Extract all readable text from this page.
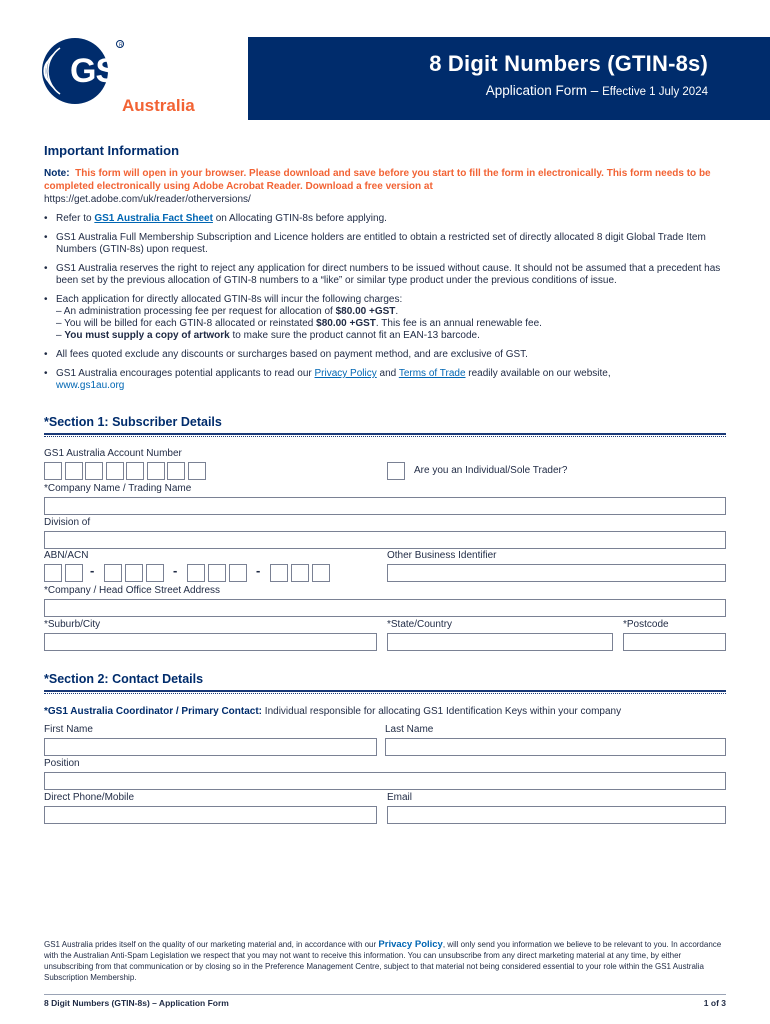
R
GS1
Australia
8 Digit Numbers (GTIN-8s)
Application Form – Effective 1 July 2024
Important Information
Note: This form will open in your browser. Please download and save before you start to fill the form in electronically. This form needs to be completed electronically using Adobe Acrobat Reader. Download a free version at
https://get.adobe.com/uk/reader/otherversions/
• Refer to GS1 Australia Fact Sheet on Allocating GTIN-8s before applying.
• GS1 Australia Full Membership Subscription and Licence holders are entitled to obtain a restricted set of directly allocated 8 digit Global Trade Item Numbers (GTIN-8s) upon request.
• GS1 Australia reserves the right to reject any application for direct numbers to be issued without cause. It should not be assumed that a precedent has been set by the previous allocation of GTIN-8 numbers to a “like” or similar type product under the previous conditions of issue.
• Each application for directly allocated GTIN-8s will incur the following charges:
– An administration processing fee per request for allocation of $80.00 +GST.
– You will be billed for each GTIN-8 allocated or reinstated $80.00 +GST. This fee is an annual renewable fee.
– You must supply a copy of artwork to make sure the product cannot fit an EAN-13 barcode.
• All fees quoted exclude any discounts or surcharges based on payment method, and are exclusive of GST.
• GS1 Australia encourages potential applicants to read our Privacy Policy and Terms of Trade readily available on our website,
www.gs1au.org
*Section 1: Subscriber Details
GS1 Australia Account Number
Are you an Individual/Sole Trader?
*Company Name / Trading Name
Division of
ABN/ACN	Other Business Identifier
-	-	-
*Company / Head Office Street Address
*Suburb/City	*State/Country	*Postcode
*Section 2: Contact Details
*GS1 Australia Coordinator / Primary Contact: Individual responsible for allocating GS1 Identification Keys within your company
First Name	Last Name
Position
Direct Phone/Mobile	Email
GS1 Australia prides itself on the quality of our marketing material and, in accordance with our Privacy Policy, will only send you information we believe to be relevant to you. In accordance with the Australian Anti-Spam Legislation we respect that you may not want to receive this information. You can unsubscribe from any direct marketing material at any time, by either unsubscribing from that communication or by closing so in the Preference Management Centre, subject to that material not being considered essential to your role within the GS1 Australia Subscription Membership.
8 Digit Numbers (GTIN-8s) – Application Form	1 of 3
